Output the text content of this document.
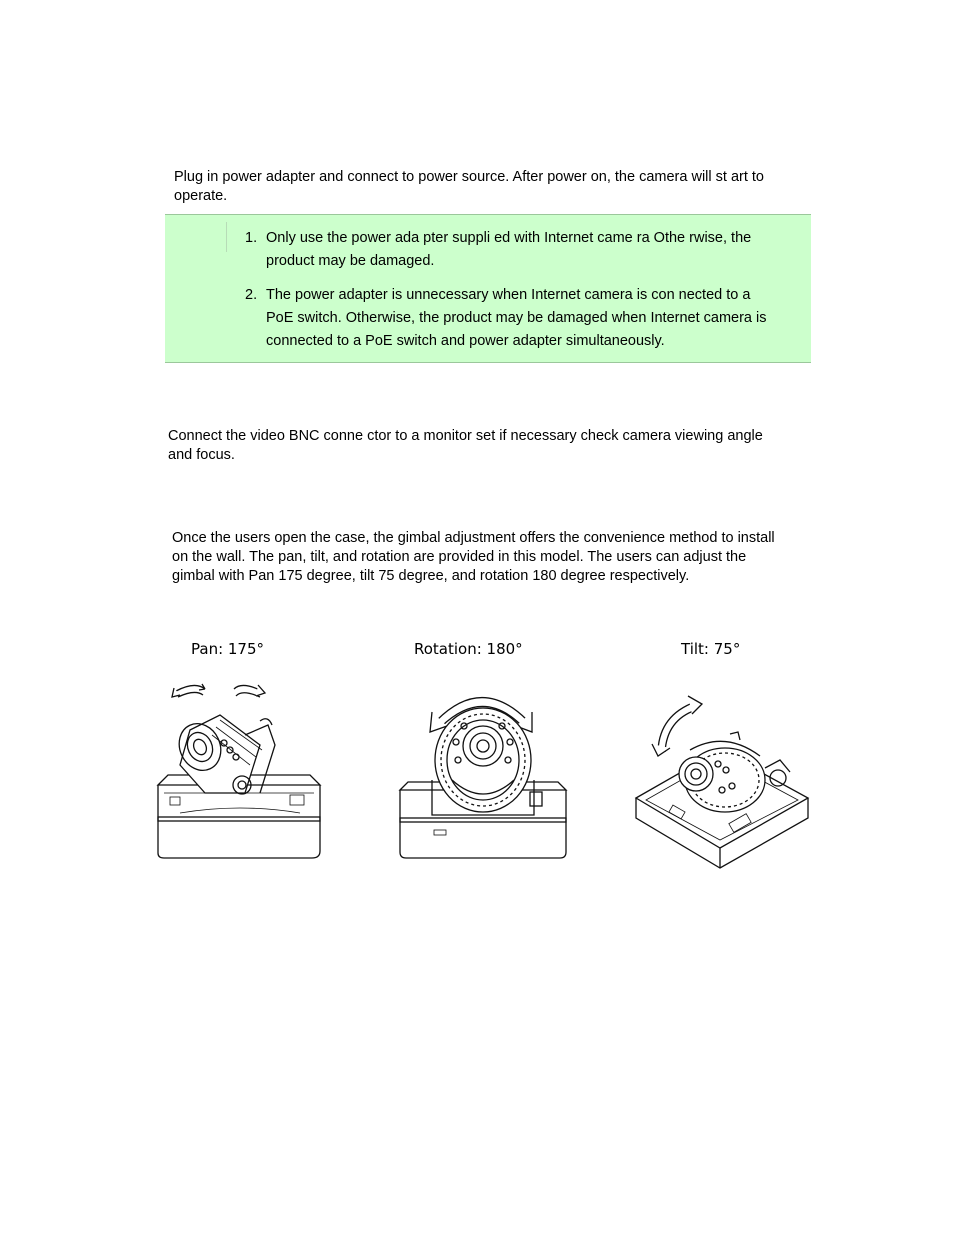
Plug in power adapter and connect to power source. After power on, the camera will st art to
operate.
1. Only use the power ada pter suppli ed with Internet came ra Othe rwise, the
product may be damaged.
2. The power adapter is unnecessary when Internet camera is con nected to a
PoE switch. Otherwise, the product may be damaged when Internet camera is
connected to a PoE switch and power adapter simultaneously.
Connect the video BNC conne ctor to a monitor set if necessary check camera viewing angle
and focus.
Once the users open the case, the gimbal adjustment offers the convenience method to install
on the wall. The pan, tilt, and rotation are provided in this model. The users can adjust the
gimbal with Pan 175 degree, tilt 75 degree, and rotation 180 degree respectively.
Pan: 175°	Rotation: 180°	Tilt: 75°
